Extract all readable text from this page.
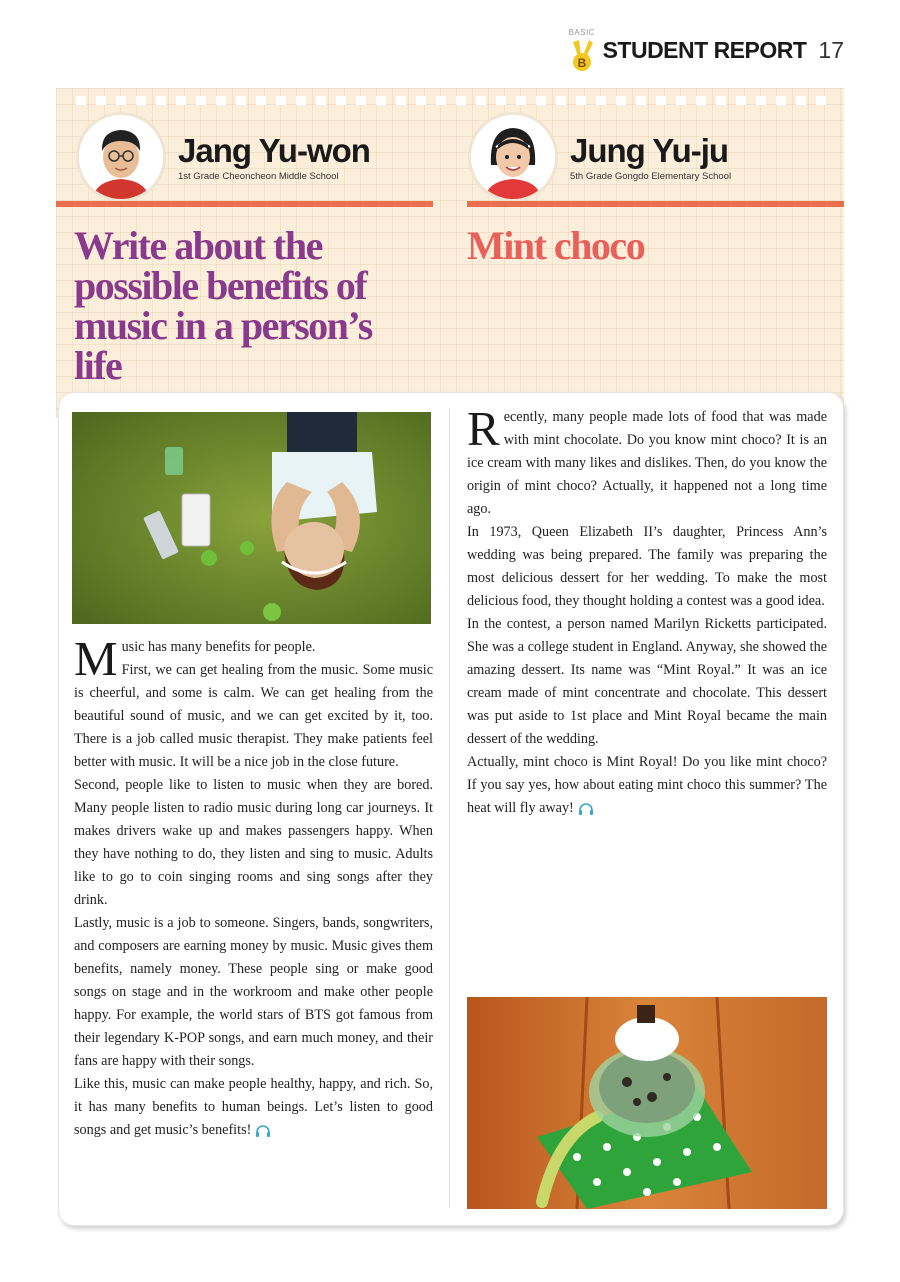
BASIC
B
STUDENT REPORT 17
Jang Yu-won
1st Grade Cheoncheon Middle School
Jung Yu-ju
5th Grade Gongdo Elementary School
Write about the possible benefits of music in a person’s life
Mint choco

Music has many benefits for people.

First, we can get healing from the music. Some music is cheerful, and some is calm. We can get healing from the beautiful sound of music, and we can get excited by it, too. There is a job called music therapist. They make patients feel better with music. It will be a nice job in the close future.

Second, people like to listen to music when they are bored. Many people listen to radio music during long car journeys. It makes drivers wake up and makes passengers happy. When they have nothing to do, they listen and sing to music. Adults like to go to coin singing rooms and sing songs after they drink.

Lastly, music is a job to someone. Singers, bands, songwriters, and composers are earning money by music. Music gives them benefits, namely money. These people sing or make good songs on stage and in the workroom and make other people happy. For example, the world stars of BTS got famous from their legendary K-POP songs, and earn much money, and their fans are happy with their songs.

Like this, music can make people healthy, happy, and rich. So, it has many benefits to human beings. Let’s listen to good songs and get music’s benefits!

Recently, many people made lots of food that was made with mint chocolate. Do you know mint choco? It is an ice cream with many likes and dislikes. Then, do you know the origin of mint choco? Actually, it happened not a long time ago.

In 1973, Queen Elizabeth II’s daughter, Princess Ann’s wedding was being prepared. The family was preparing the most delicious dessert for her wedding. To make the most delicious food, they thought holding a contest was a good idea.

In the contest, a person named Marilyn Ricketts participated. She was a college student in England. Anyway, she showed the amazing dessert. Its name was “Mint Royal.” It was an ice cream made of mint concentrate and chocolate. This dessert was put aside to 1st place and Mint Royal became the main dessert of the wedding.

Actually, mint choco is Mint Royal! Do you like mint choco? If you say yes, how about eating mint choco this summer? The heat will fly away!
